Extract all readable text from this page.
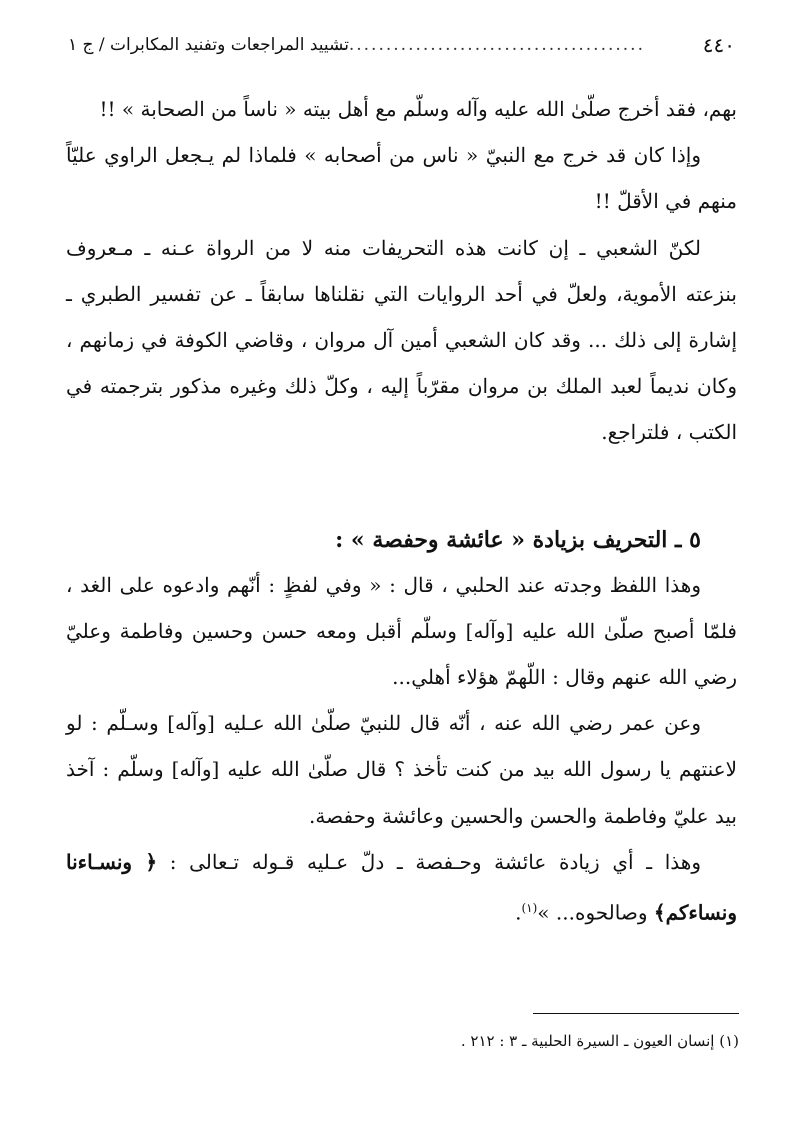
٤٤٠
..........................................
تشييد المراجعات وتفنيد المكابرات / ج ١

بهم، فقد أخرج صلّىٰ الله عليه وآله وسلّم مع أهل بيته « ناساً من الصحابة » !!

وإذا كان قد خرج مع النبيّ « ناس من أصحابه » فلماذا لم يـجعل الراوي عليّاً منهم في الأقلّ !!

لكنّ الشعبي ـ إن كانت هذه التحريفات منه لا من الرواة عـنه ـ مـعروف بنزعته الأموية، ولعلّ في أحد الروايات التي نقلناها سابقاً ـ عن تفسير الطبري ـ إشارة إلى ذلك ... وقد كان الشعبي أمين آل مروان ، وقاضي الكوفة في زمانهم ، وكان نديماً لعبد الملك بن مروان مقرّباً إليه ، وكلّ ذلك وغيره مذكور بترجمته في الكتب ، فلتراجع.

٥ ـ التحريف بزيادة « عائشة وحفصة » :

وهذا اللفظ وجدته عند الحلبي ، قال : « وفي لفظٍ : أنّهم وادعوه على الغد ، فلمّا أصبح صلّىٰ الله عليه [وآله] وسلّم أقبل ومعه حسن وحسين وفاطمة وعليّ رضي الله عنهم وقال : اللّهمّ هؤلاء أهلي...

وعن عمر رضي الله عنه ، أنّه قال للنبيّ صلّىٰ الله عـليه [وآله] وسـلّم : لو لاعنتهم يا رسول الله بيد من كنت تأخذ ؟ قال صلّىٰ الله عليه [وآله] وسلّم : آخذ بيد عليّ وفاطمة والحسن والحسين وعائشة وحفصة.

وهذا ـ أي زيادة عائشة وحـفصة ـ دلّ عـليه قـوله تـعالى : ﴿ ونسـاءنا ونساءكم﴾ وصالحوه... »$^{(١)}$.

(١) إنسان العيون ـ السيرة الحلبية ـ ٣ : ٢١٢ .
